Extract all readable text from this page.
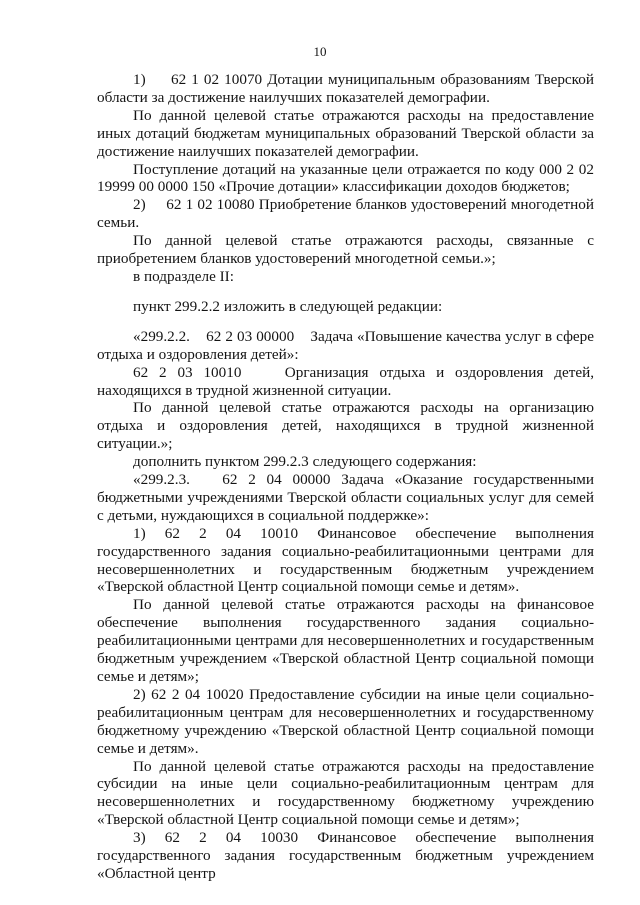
10

1)     62 1 02 10070 Дотации муниципальным образованиям Тверской области за достижение наилучших показателей демографии.

По данной целевой статье отражаются расходы на предоставление иных дотаций бюджетам муниципальных образований Тверской области за достижение наилучших показателей демографии.

Поступление дотаций на указанные цели отражается по коду 000 2 02 19999 00 0000 150 «Прочие дотации» классификации доходов бюджетов;

2)     62 1 02 10080 Приобретение бланков удостоверений многодетной семьи.

По данной целевой статье отражаются расходы, связанные с приобретением бланков удостоверений многодетной семьи.»;

в подразделе II:

пункт 299.2.2 изложить в следующей редакции:

«299.2.2.    62 2 03 00000    Задача «Повышение качества услуг в сфере отдыха и оздоровления детей»:

62 2 03 10010    Организация отдыха и оздоровления детей, находящихся в трудной жизненной ситуации.

По данной целевой статье отражаются расходы на организацию отдыха и оздоровления детей, находящихся в трудной жизненной ситуации.»;

дополнить пунктом 299.2.3 следующего содержания:

«299.2.3.   62 2 04 00000 Задача «Оказание государственными бюджетными учреждениями Тверской области социальных услуг для семей с детьми, нуждающихся в социальной поддержке»:

1) 62 2 04 10010 Финансовое обеспечение выполнения государственного задания социально-реабилитационными центрами для несовершеннолетних и государственным бюджетным учреждением «Тверской областной Центр социальной помощи семье и детям».

По данной целевой статье отражаются расходы на финансовое обеспечение выполнения государственного задания социально-реабилитационными центрами для несовершеннолетних и государственным бюджетным учреждением «Тверской областной Центр социальной помощи семье и детям»;

2) 62 2 04 10020 Предоставление субсидии на иные цели социально-реабилитационным центрам для несовершеннолетних и государственному бюджетному учреждению «Тверской областной Центр социальной помощи семье и детям».

По данной целевой статье отражаются расходы на предоставление субсидии на иные цели социально-реабилитационным центрам для несовершеннолетних и государственному бюджетному учреждению «Тверской областной Центр социальной помощи семье и детям»;

3) 62 2 04 10030 Финансовое обеспечение выполнения государственного задания государственным бюджетным учреждением «Областной центр
